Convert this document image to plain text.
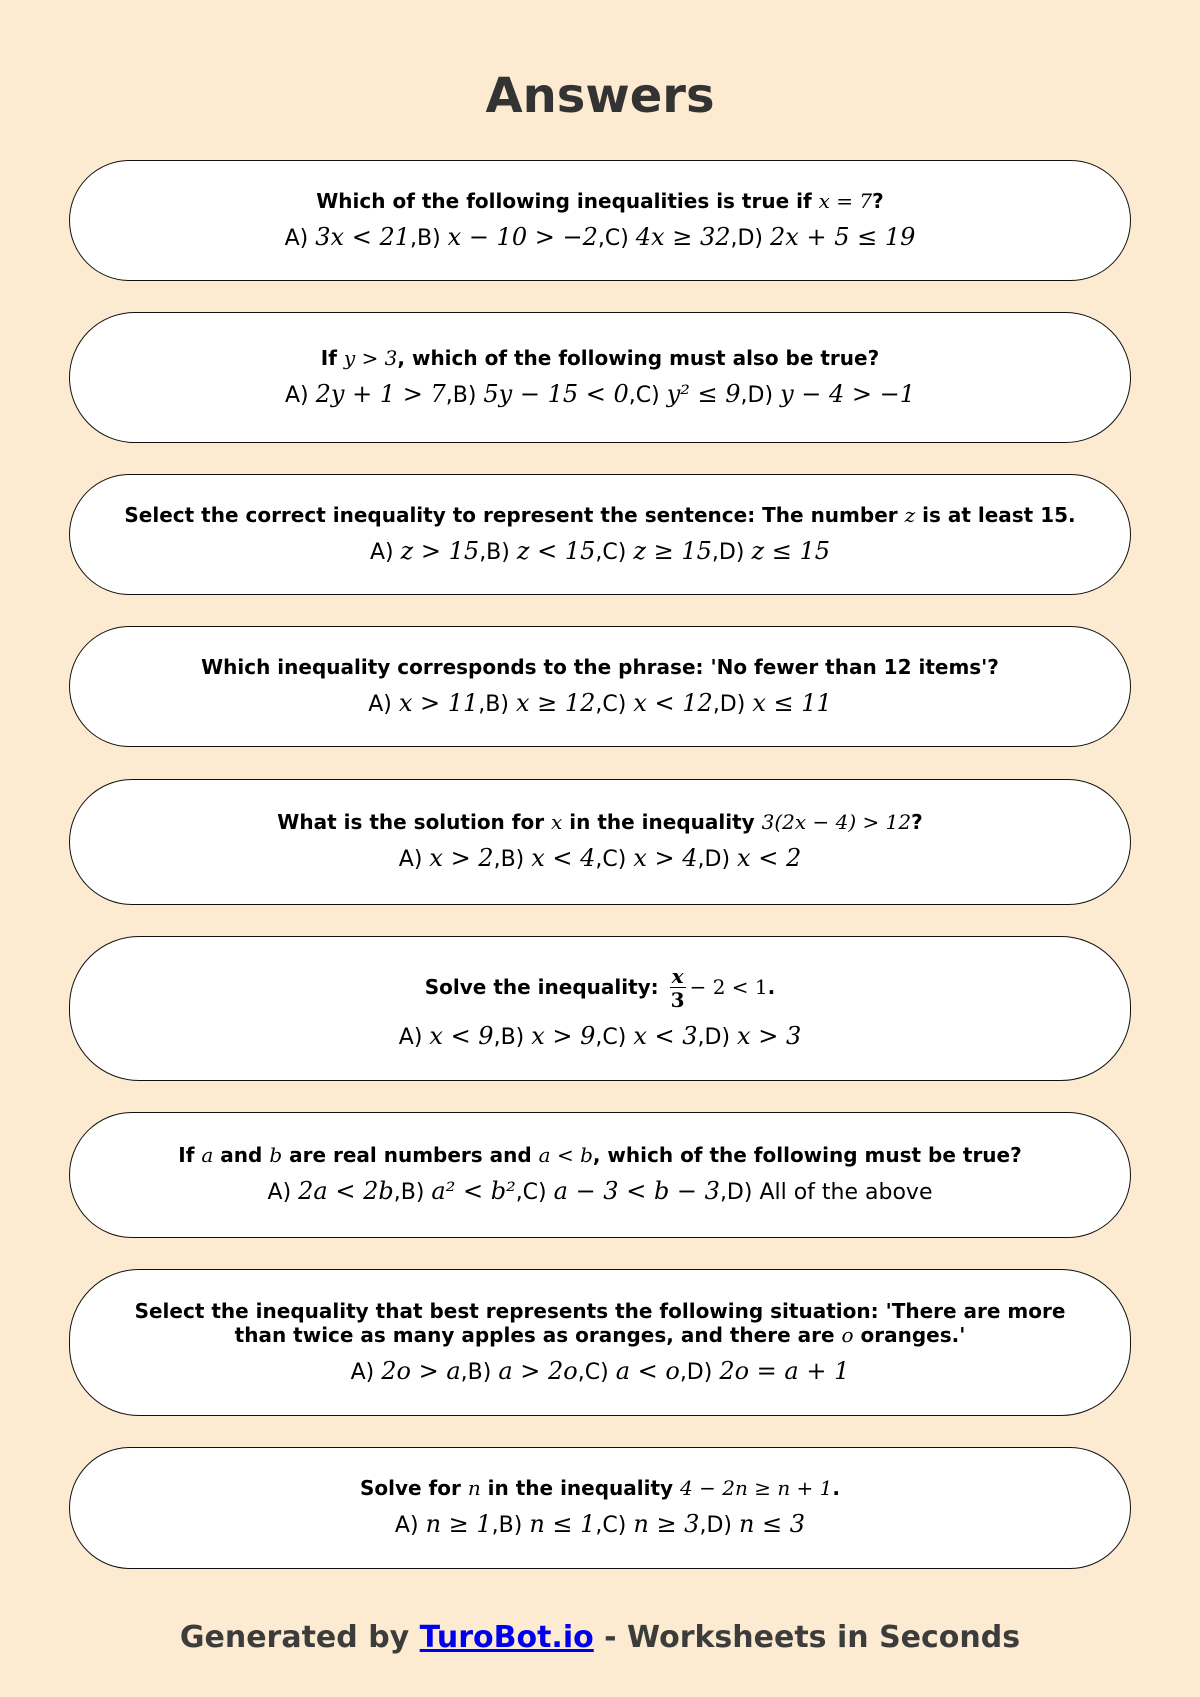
Answers
Which of the following inequalities is true if x = 7?
A) 3x < 21,B) x − 10 > −2,C) 4x ≥ 32,D) 2x + 5 ≤ 19
If y > 3, which of the following must also be true?
A) 2y + 1 > 7,B) 5y − 15 < 0,C) y² ≤ 9,D) y − 4 > −1
Select the correct inequality to represent the sentence: The number z is at least 15.
A) z > 15,B) z < 15,C) z ≥ 15,D) z ≤ 15
Which inequality corresponds to the phrase: 'No fewer than 12 items'?
A) x > 11,B) x ≥ 12,C) x < 12,D) x ≤ 11
What is the solution for x in the inequality 3(2x − 4) > 12?
A) x > 2,B) x < 4,C) x > 4,D) x < 2
Solve the inequality: $\frac{x}{3} - 2 < 1$.
A) x < 9,B) x > 9,C) x < 3,D) x > 3
If a and b are real numbers and a < b, which of the following must be true?
A) 2a < 2b,B) a² < b²,C) a − 3 < b − 3,D) All of the above
Select the inequality that best represents the following situation: 'There are more than twice as many apples as oranges, and there are o oranges.'
A) 2o > a,B) a > 2o,C) a < o,D) 2o = a + 1
Solve for n in the inequality 4 − 2n ≥ n + 1.
A) n ≥ 1,B) n ≤ 1,C) n ≥ 3,D) n ≤ 3
Generated by TuroBot.io - Worksheets in Seconds
